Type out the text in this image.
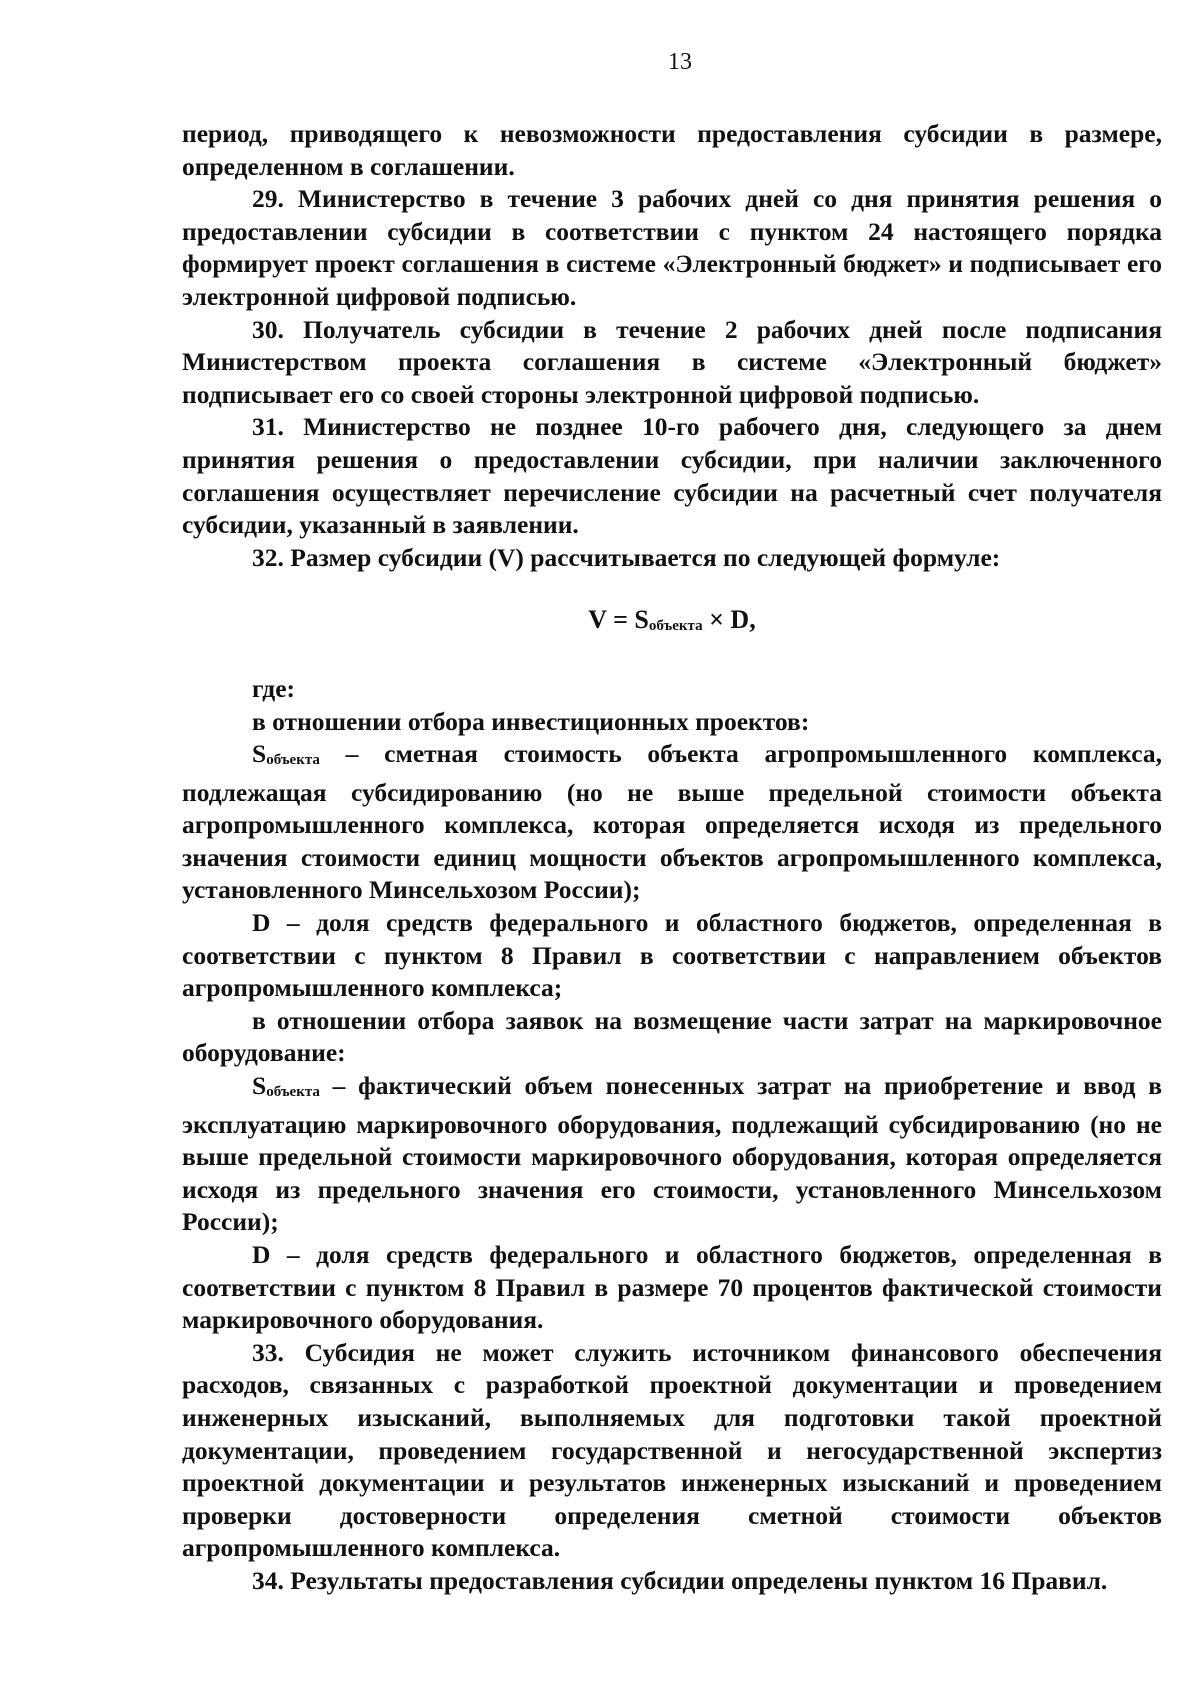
13

период, приводящего к невозможности предоставления субсидии в размере, определенном в соглашении.

29. Министерство в течение 3 рабочих дней со дня принятия решения о предоставлении субсидии в соответствии с пунктом 24 настоящего порядка формирует проект соглашения в системе «Электронный бюджет» и подписывает его электронной цифровой подписью.

30. Получатель субсидии в течение 2 рабочих дней после подписания Министерством проекта соглашения в системе «Электронный бюджет» подписывает его со своей стороны электронной цифровой подписью.

31. Министерство не позднее 10-го рабочего дня, следующего за днем принятия решения о предоставлении субсидии, при наличии заключенного соглашения осуществляет перечисление субсидии на расчетный счет получателя субсидии, указанный в заявлении.

32. Размер субсидии (V) рассчитывается по следующей формуле:

V = Sобъекта × D,

где:

в отношении отбора инвестиционных проектов:

Sобъекта – сметная стоимость объекта агропромышленного комплекса, подлежащая субсидированию (но не выше предельной стоимости объекта агропромышленного комплекса, которая определяется исходя из предельного значения стоимости единиц мощности объектов агропромышленного комплекса, установленного Минсельхозом России);

D – доля средств федерального и областного бюджетов, определенная в соответствии с пунктом 8 Правил в соответствии с направлением объектов агропромышленного комплекса;

в отношении отбора заявок на возмещение части затрат на маркировочное оборудование:

Sобъекта – фактический объем понесенных затрат на приобретение и ввод в эксплуатацию маркировочного оборудования, подлежащий субсидированию (но не выше предельной стоимости маркировочного оборудования, которая определяется исходя из предельного значения его стоимости, установленного Минсельхозом России);

D – доля средств федерального и областного бюджетов, определенная в соответствии с пунктом 8 Правил в размере 70 процентов фактической стоимости маркировочного оборудования.

33. Субсидия не может служить источником финансового обеспечения расходов, связанных с разработкой проектной документации и проведением инженерных изысканий, выполняемых для подготовки такой проектной документации, проведением государственной и негосударственной экспертиз проектной документации и результатов инженерных изысканий и проведением проверки достоверности определения сметной стоимости объектов агропромышленного комплекса.

34. Результаты предоставления субсидии определены пунктом 16 Правил.
